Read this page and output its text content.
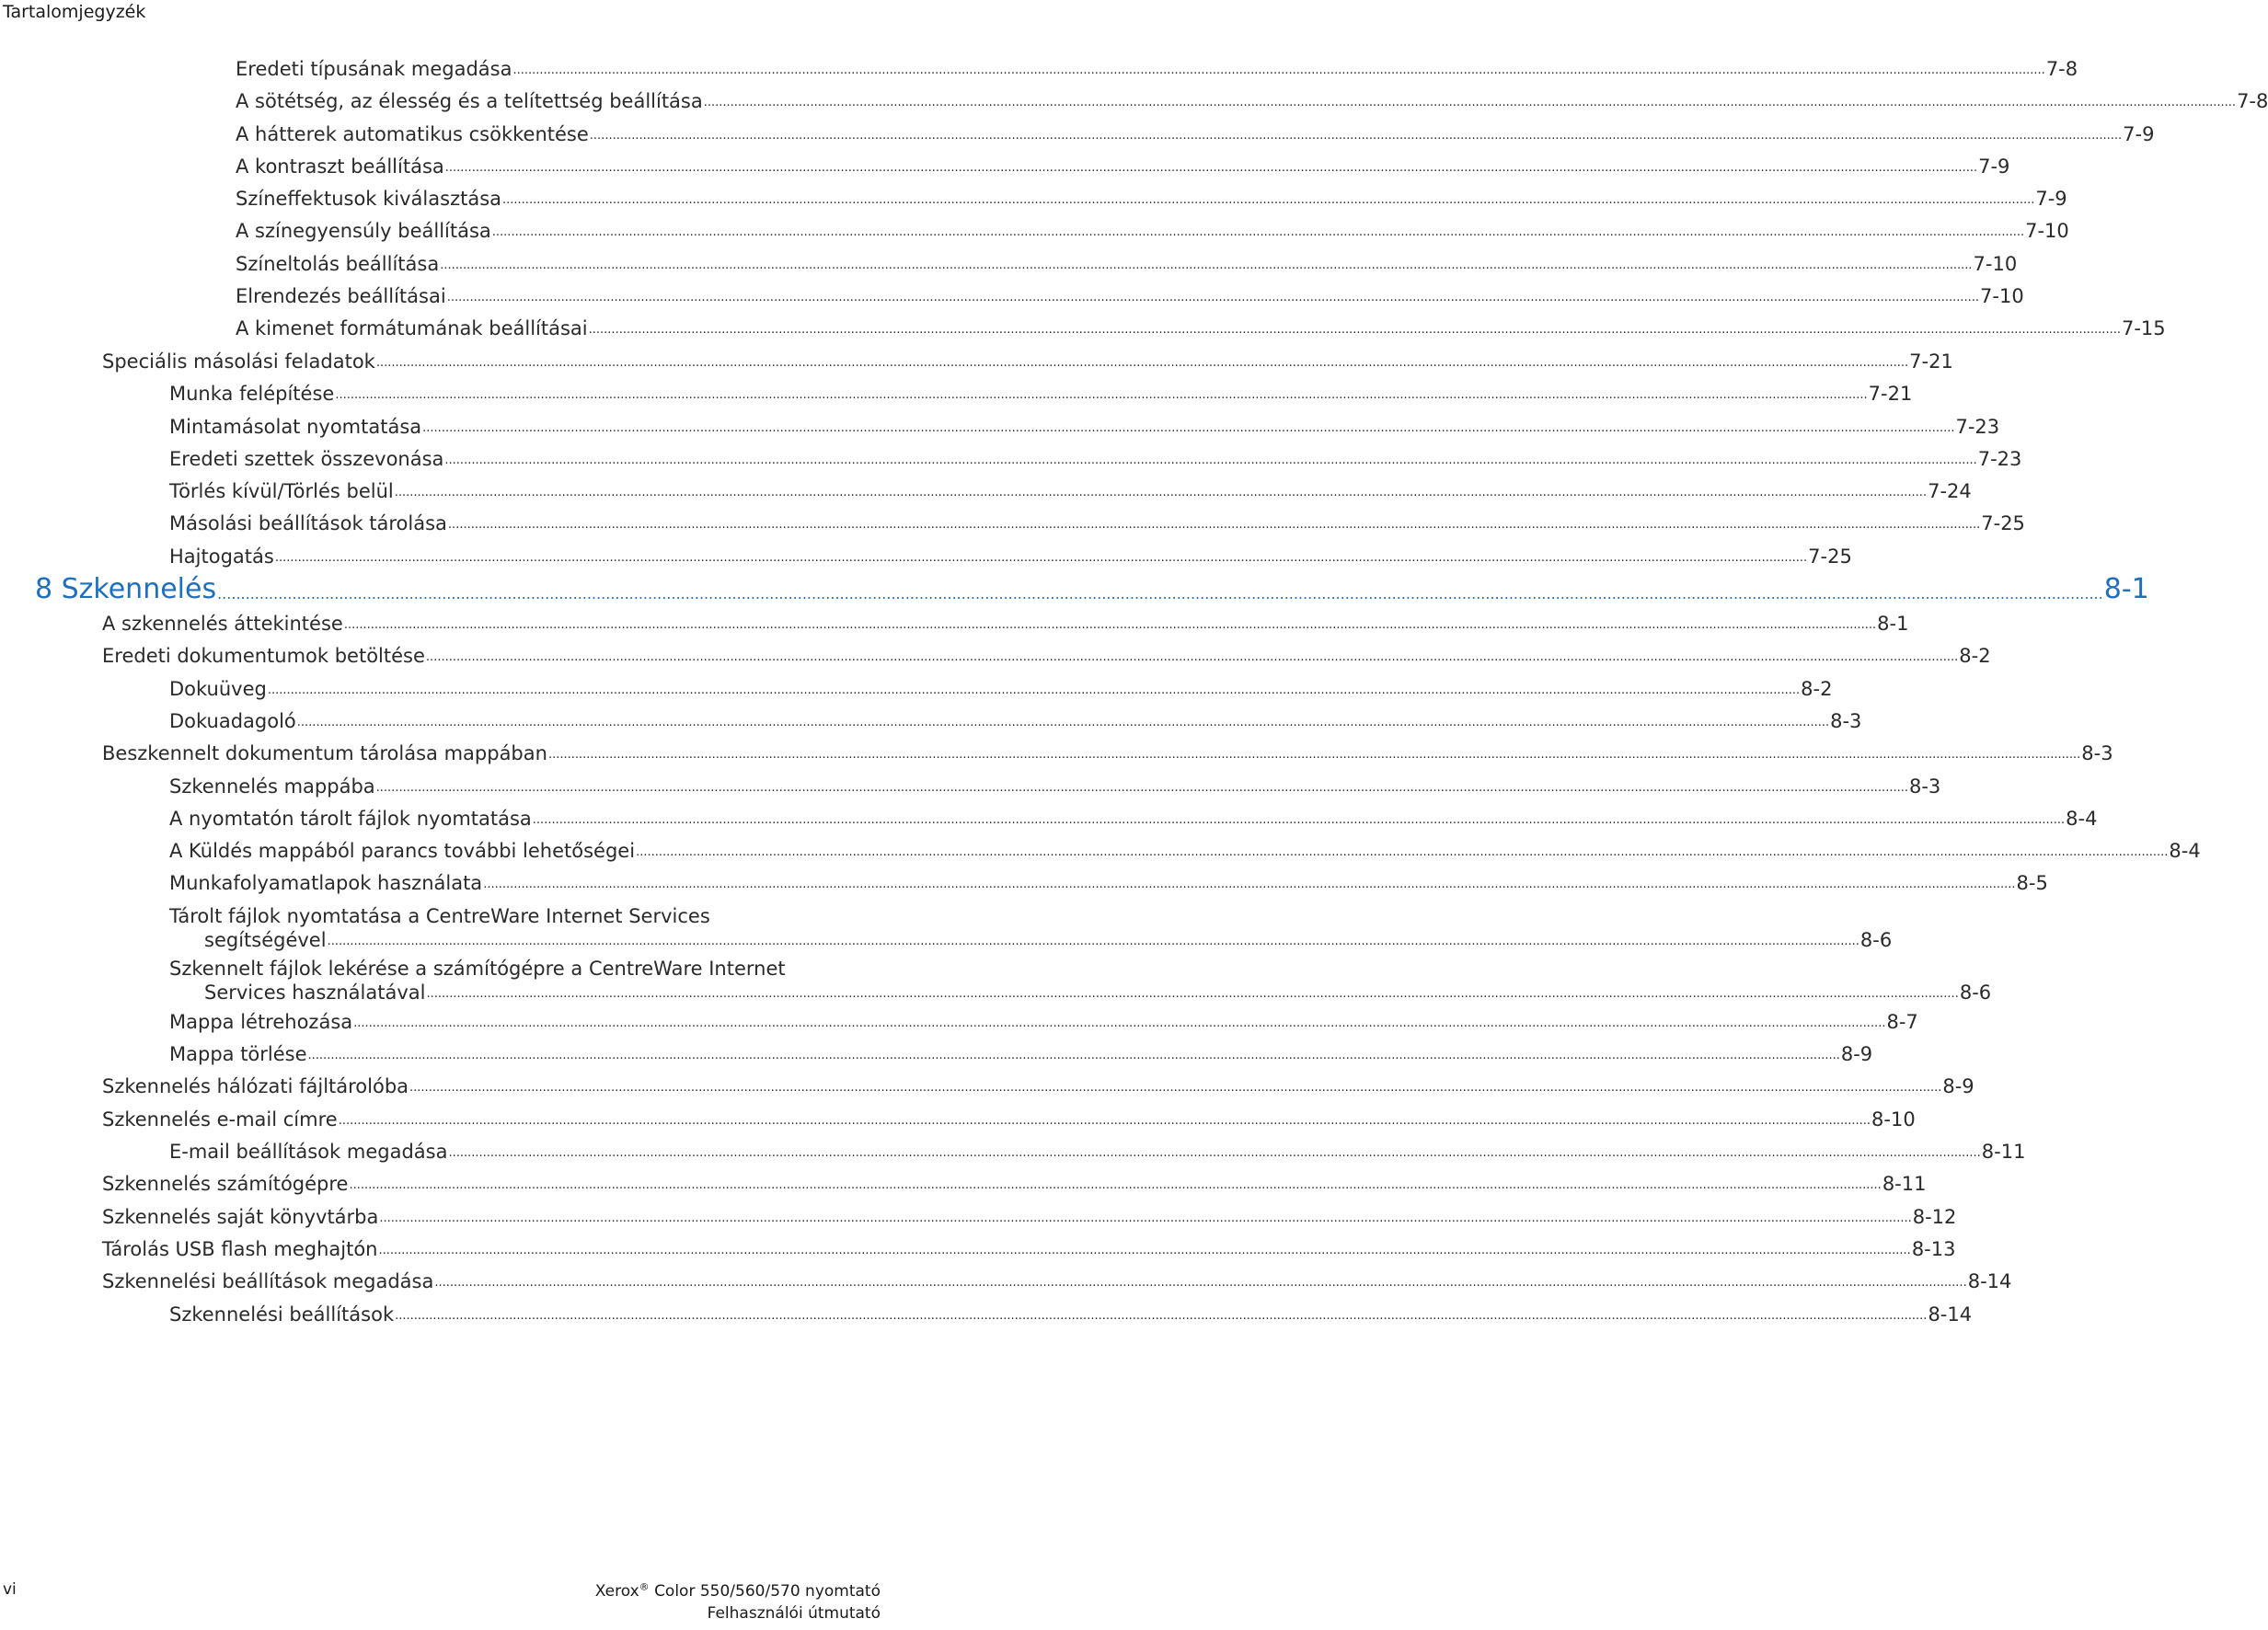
Tartalomjegyzék
Eredeti típusának megadása .....	7-8
A sötétség, az élesség és a telítettség beállítása .....	7-8
A hátterek automatikus csökkentése .....	7-9
A kontraszt beállítása .....	7-9
Színeffektusok kiválasztása .....	7-9
A színegyensúly beállítása .....	7-10
Színeltolás beállítása .....	7-10
Elrendezés beállításai .....	7-10
A kimenet formátumának beállításai .....	7-15
Speciális másolási feladatok .....	7-21
Munka felépítése .....	7-21
Mintamásolat nyomtatása .....	7-23
Eredeti szettek összevonása .....	7-23
Törlés kívül/Törlés belül .....	7-24
Másolási beállítások tárolása .....	7-25
Hajtogatás .....	7-25
8 Szkennelés .....	8-1
A szkennelés áttekintése .....	8-1
Eredeti dokumentumok betöltése .....	8-2
Dokuüveg .....	8-2
Dokuadagoló .....	8-3
Beszkennelt dokumentum tárolása mappában .....	8-3
Szkennelés mappába .....	8-3
A nyomtatón tárolt fájlok nyomtatása .....	8-4
A Küldés mappából parancs további lehetőségei .....	8-4
Munkafolyamatlapok használata .....	8-5
Tárolt fájlok nyomtatása a CentreWare Internet Services
segítségével .....	8-6
Szkennelt fájlok lekérése a számítógépre a CentreWare Internet
Services használatával .....	8-6
Mappa létrehozása .....	8-7
Mappa törlése .....	8-9
Szkennelés hálózati fájltárolóba .....	8-9
Szkennelés e-mail címre .....	8-10
E-mail beállítások megadása .....	8-11
Szkennelés számítógépre .....	8-11
Szkennelés saját könyvtárba .....	8-12
Tárolás USB flash meghajtón .....	8-13
Szkennelési beállítások megadása .....	8-14
Szkennelési beállítások .....	8-14
vi	Xerox® Color 550/560/570 nyomtató
Felhasználói útmutató
